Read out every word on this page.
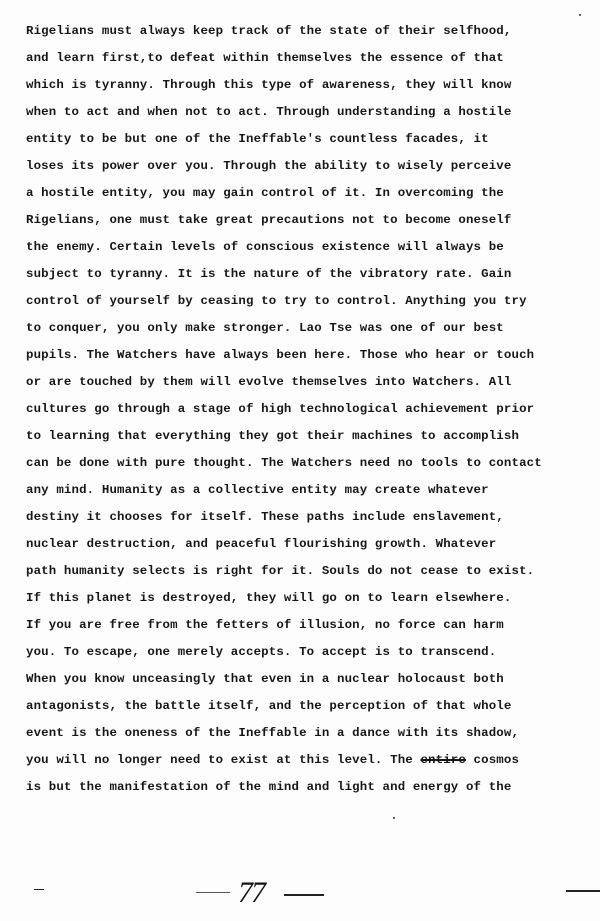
Rigelians must always keep track of the state of their selfhood,
and learn first,to defeat within themselves the essence of that
which is tyranny. Through this type of awareness, they will know
when to act and when not to act. Through understanding a hostile
entity to be but one of the Ineffable's countless facades, it
loses its power over you. Through the ability to wisely perceive
a hostile entity, you may gain control of it. In overcoming the
Rigelians, one must take great precautions not to become oneself
the enemy. Certain levels of conscious existence will always be
subject to tyranny. It is the nature of the vibratory rate. Gain
control of yourself by ceasing to try to control. Anything you try
to conquer, you only make stronger. Lao Tse was one of our best
pupils. The Watchers have always been here. Those who hear or touch
or are touched by them will evolve themselves into Watchers. All
cultures go through a stage of high technological achievement prior
to learning that everything they got their machines to accomplish
can be done with pure thought. The Watchers need no tools to contact
any mind. Humanity as a collective entity may create whatever
destiny it chooses for itself. These paths include enslavement,
nuclear destruction, and peaceful flourishing growth. Whatever
path humanity selects is right for it. Souls do not cease to exist.
If this planet is destroyed, they will go on to learn elsewhere.
If you are free from the fetters of illusion, no force can harm
you. To escape, one merely accepts. To accept is to transcend.
When you know unceasingly that even in a nuclear holocaust both
antagonists, the battle itself, and the perception of that whole
event is the oneness of the Ineffable in a dance with its shadow,
you will no longer need to exist at this level. The entire cosmos
is but the manifestation of the mind and light and energy of the
77
